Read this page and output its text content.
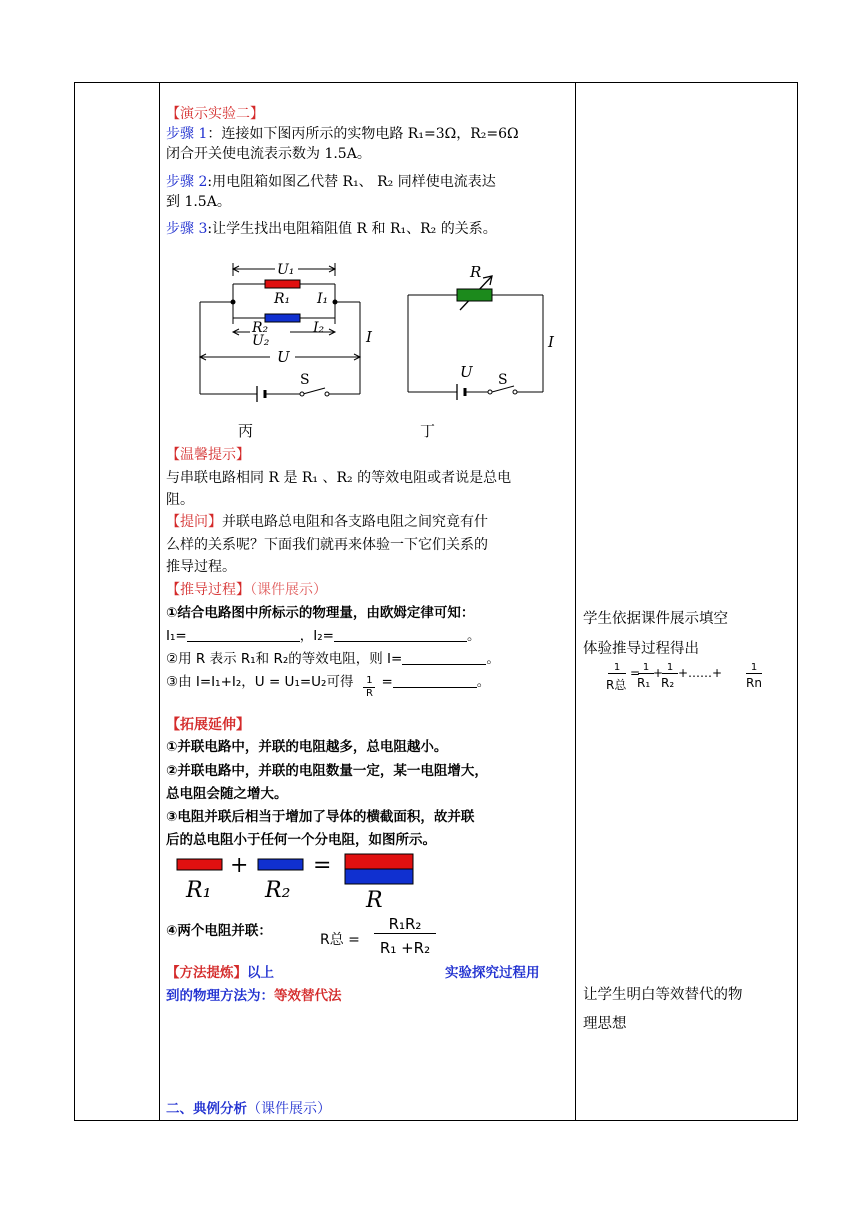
【演示实验二】
步骤 1：连接如下图丙所示的实物电路 R₁=3Ω，R₂=6Ω
闭合开关使电流表示数为 1.5A。
步骤 2:用电阻箱如图乙代替 R₁、 R₂ 同样使电流表达
到 1.5A。
步骤 3:让学生找出电阻箱阻值 R 和 R₁、R₂ 的关系。
U₁
R₁ I₁
R₂
U₂
I₂
U
I
S
丙
R
I
U S
丁
【温馨提示】
与串联电路相同 R 是 R₁ 、R₂ 的等效电阻或者说是总电
阻。
【提问】并联电路总电阻和各支路电阻之间究竟有什
么样的关系呢？下面我们就再来体验一下它们关系的
推导过程。
【推导过程】（课件展示）
①结合电路图中所标示的物理量，由欧姆定律可知：
I₁=	，I₂=	。
②用 R 表示 R₁和 R₂的等效电阻，则 I=	。
③由 I=I₁+I₂，U = U₁=U₂可得 $\frac{1}{R}$ =	。
【拓展延伸】
①并联电路中，并联的电阻越多，总电阻越小。
②并联电路中，并联的电阻数量一定，某一电阻增大，
总电阻会随之增大。
③电阻并联后相当于增加了导体的横截面积，故并联
后的总电阻小于任何一个分电阻，如图所示。
+	=
R₁ R₂	R
④两个电阻并联：
R总 =
R₁R₂
R₁ +R₂
【方法提炼】以上	实验探究过程用
到的物理方法为：等效替代法
二、典例分析（课件展示）
学生依据课件展示填空
体验推导过程得出
1
R总
= 1
R₁
+ 1
R₂
+……+	1
Rn
让学生明白等效替代的物
理思想
